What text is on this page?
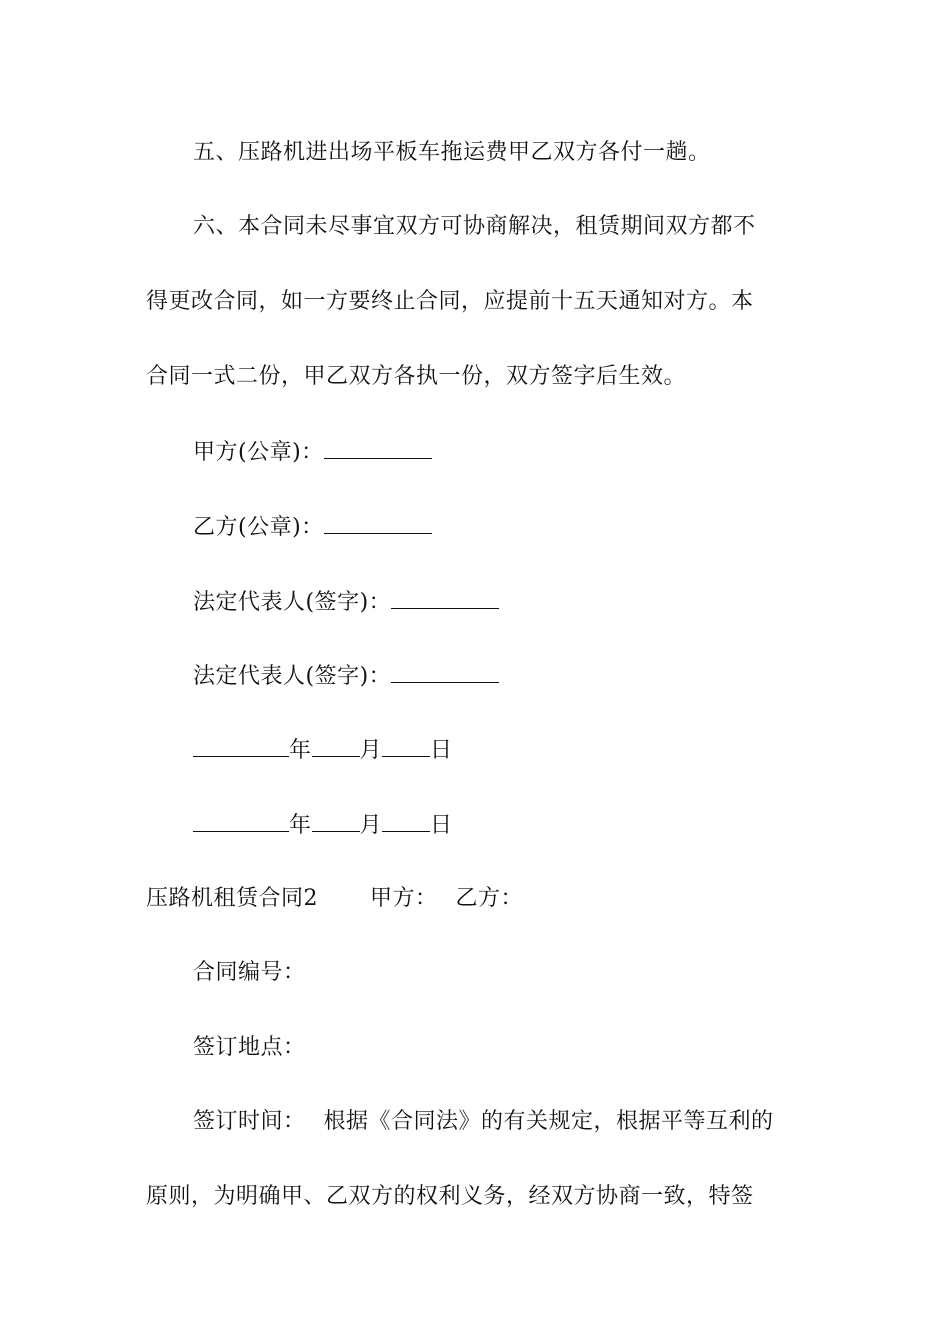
五、压路机进出场平板车拖运费甲乙双方各付一趟。
六、本合同未尽事宜双方可协商解决，租赁期间双方都不
得更改合同，如一方要终止合同，应提前十五天通知对方。本
合同一式二份，甲乙双方各执一份，双方签字后生效。
甲方(公章)：
乙方(公章)：
法定代表人(签字)：
法定代表人(签字)：
年 月 日
年 月 日
压路机租赁合同2 甲方： 乙方：
合同编号：
签订地点：
签订时间： 根据《合同法》的有关规定，根据平等互利的
原则，为明确甲、乙双方的权利义务，经双方协商一致，特签
